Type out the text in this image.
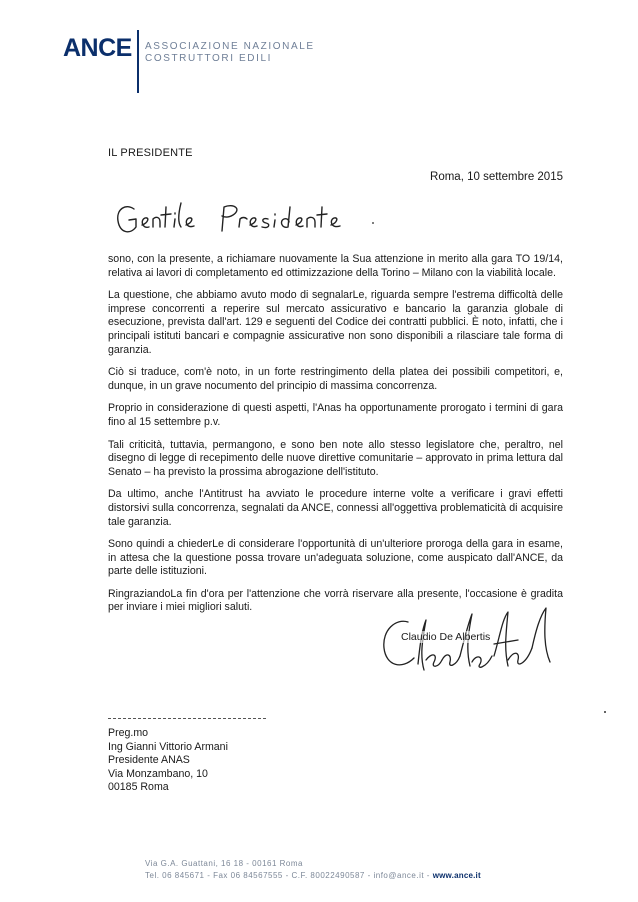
ANCE ASSOCIAZIONE NAZIONALE
COSTRUTTORI EDILI
IL PRESIDENTE
Roma, 10 settembre 2015

sono, con la presente, a richiamare nuovamente la Sua attenzione in merito alla gara TO 19/14, relativa ai lavori di completamento ed ottimizzazione della Torino – Milano con la viabilità locale.

La questione, che abbiamo avuto modo di segnalarLe, riguarda sempre l'estrema difficoltà delle imprese concorrenti a reperire sul mercato assicurativo e bancario la garanzia globale di esecuzione, prevista dall'art. 129 e seguenti del Codice dei contratti pubblici. È noto, infatti, che i principali istituti bancari e compagnie assicurative non sono disponibili a rilasciare tale forma di garanzia.

Ciò si traduce, com'è noto, in un forte restringimento della platea dei possibili competitori, e, dunque, in un grave nocumento del principio di massima concorrenza.

Proprio in considerazione di questi aspetti, l'Anas ha opportunamente prorogato i termini di gara fino al 15 settembre p.v.

Tali criticità, tuttavia, permangono, e sono ben note allo stesso legislatore che, peraltro, nel disegno di legge di recepimento delle nuove direttive comunitarie – approvato in prima lettura dal Senato – ha previsto la prossima abrogazione dell'istituto.

Da ultimo, anche l'Antitrust ha avviato le procedure interne volte a verificare i gravi effetti distorsivi sulla concorrenza, segnalati da ANCE, connessi all'oggettiva problematicità di acquisire tale garanzia.

Sono quindi a chiederLe di considerare l'opportunità di un'ulteriore proroga della gara in esame, in attesa che la questione possa trovare un'adeguata soluzione, come auspicato dall'ANCE, da parte delle istituzioni.

RingraziandoLa fin d'ora per l'attenzione che vorrà riservare alla presente, l'occasione è gradita per inviare i miei migliori saluti.

Claudio De Albertis
Preg.mo
Ing Gianni Vittorio Armani
Presidente ANAS
Via Monzambano, 10
00185 Roma
Via G.A. Guattani, 16 18 - 00161 Roma
Tel. 06 845671 - Fax 06 84567555 - C.F. 80022490587 - info@ance.it - www.ance.it
